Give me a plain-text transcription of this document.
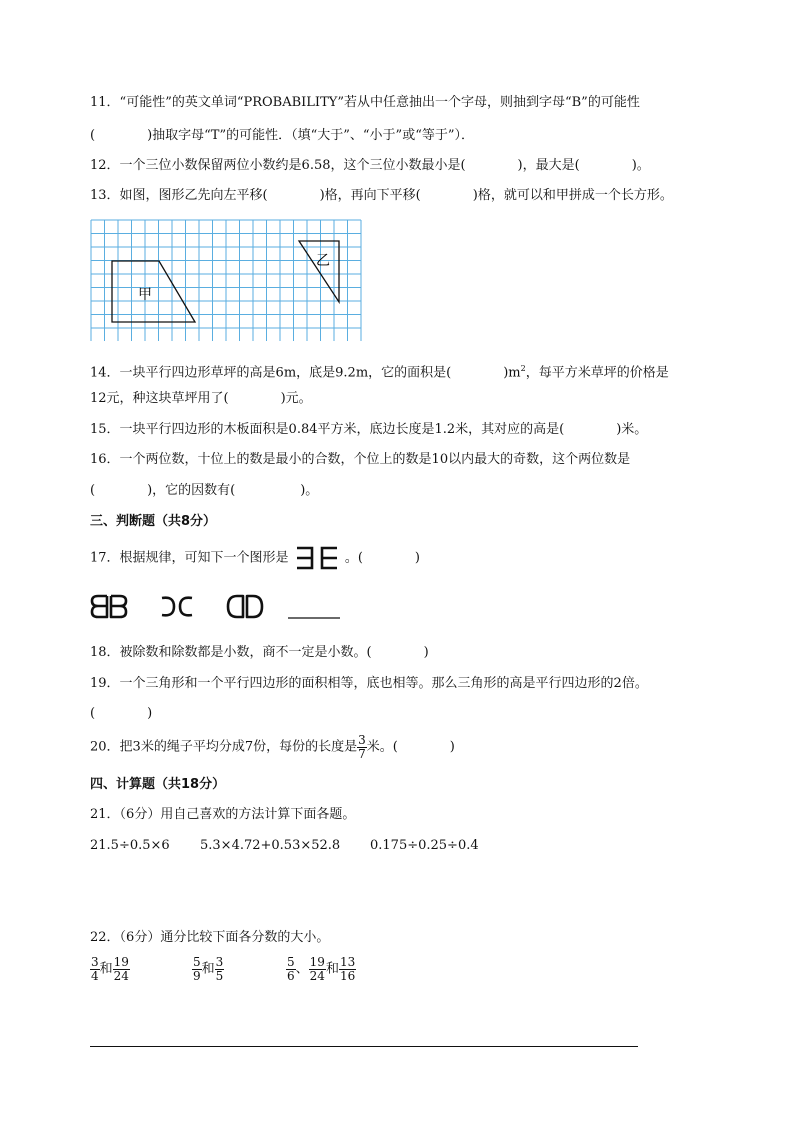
11．“可能性”的英文单词“PROBABILITY”若从中任意抽出一个字母，则抽到字母“B”的可能性
(　　　　)抽取字母“T”的可能性．（填“大于”、“小于”或“等于”）．
12．一个三位小数保留两位小数约是6.58，这个三位小数最小是(　　　　)，最大是(　　　　)。
13．如图，图形乙先向左平移(　　　　)格，再向下平移(　　　　)格，就可以和甲拼成一个长方形。
甲
乙
14．一块平行四边形草坪的高是6m，底是9.2m，它的面积是(　　　　)$m^2$，每平方米草坪的价格是
12元，种这块草坪用了(　　　　)元。
15．一块平行四边形的木板面积是0.84平方米，底边长度是1.2米，其对应的高是(　　　　)米。
16．一个两位数，十位上的数是最小的合数，个位上的数是10以内最大的奇数，这个两位数是
(　　　　)，它的因数有(　　　　　)。
三、判断题（共8分）
17．根据规律，可知下一个图形是	。(　　　　)
18．被除数和除数都是小数，商不一定是小数。(　　　　)
19．一个三角形和一个平行四边形的面积相等，底也相等。那么三角形的高是平行四边形的2倍。
(　　　　)
20．把3米的绳子平均分成7份，每份的长度是 $\frac{3}{7}$ 米。(　　　　)
四、计算题（共18分）
21．（6分）用自己喜欢的方法计算下面各题。
21.5÷0.5×6 5.3×4.72+0.53×52.8 0.175÷0.25÷0.4
22．（6分）通分比较下面各分数的大小。
$\frac{3}{4}$ 和 $\frac{19}{24}$	$\frac{5}{9}$ 和 $\frac{3}{5}$	$\frac{5}{6}$ 、 $\frac{19}{24}$ 和 $\frac{13}{16}$
